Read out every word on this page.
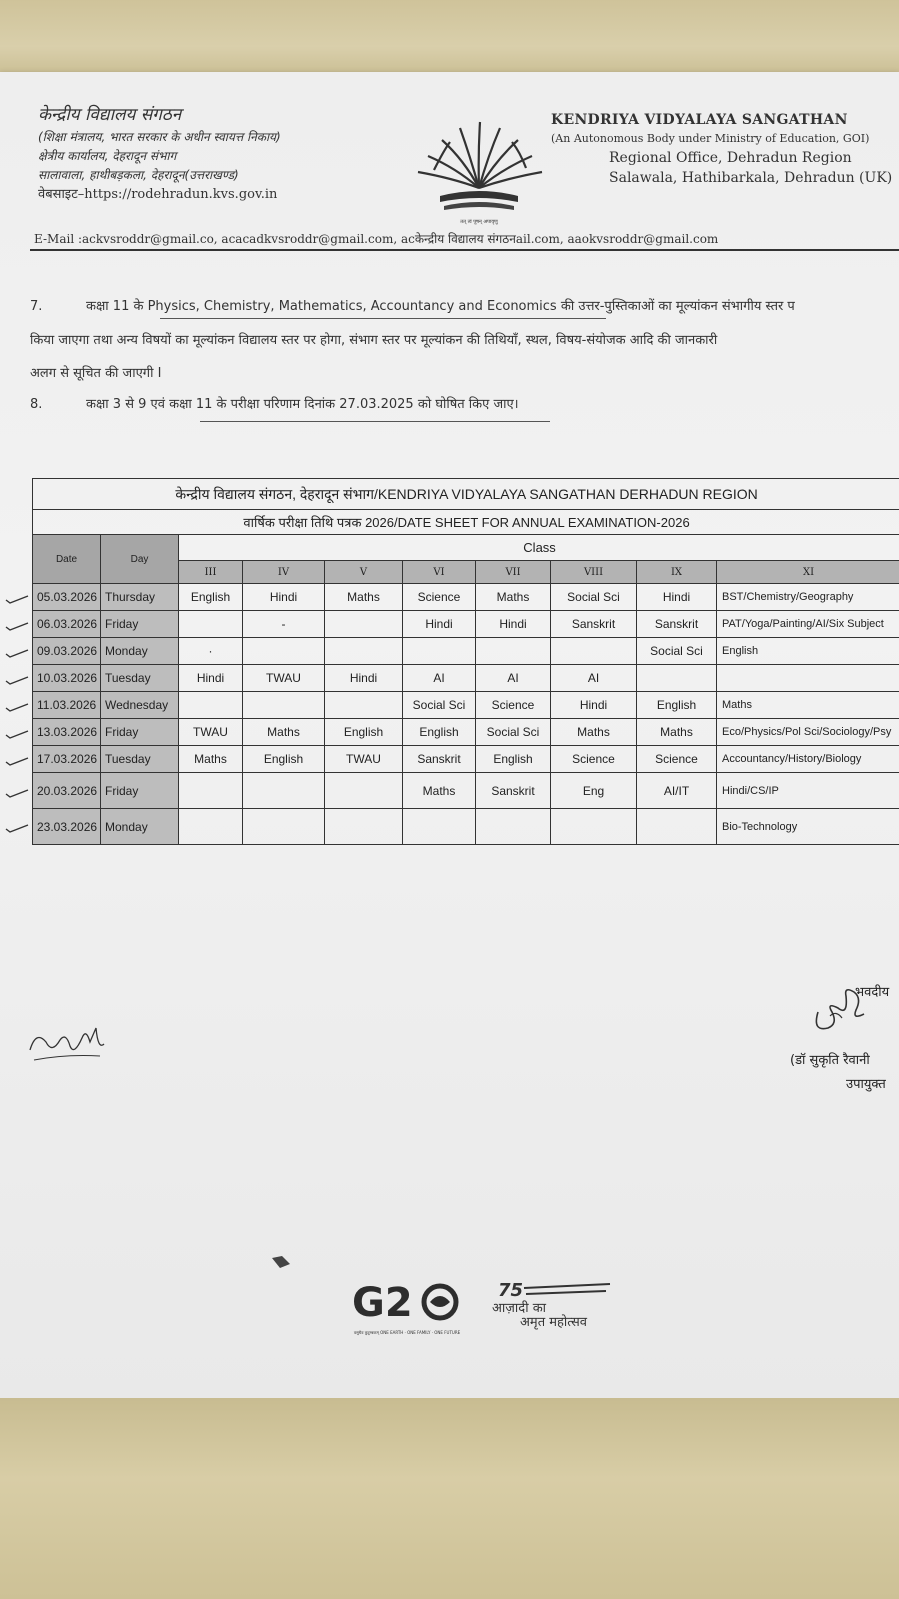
केन्द्रीय विद्यालय संगठन
(शिक्षा मंत्रालय, भारत सरकार के अधीन स्वायत्त निकाय)
क्षेत्रीय कार्यालय, देहरादून संभाग
सालावाला, हाथीबड़कला, देहरादून(उत्तराखण्ड)
वेबसाइट–https://rodehradun.kvs.gov.in
तत् त्वं पूषन् अपावृणु
KENDRIYA VIDYALAYA SANGATHAN
(An Autonomous Body under Ministry of Education, GOI)
Regional Office, Dehradun Region
Salawala, Hathibarkala, Dehradun (UK)
E-Mail :ackvsroddr@gmail.co, acacadkvsroddr@gmail.com, acकेन्द्रीय विद्यालय संगठनail.com, aaokvsroddr@gmail.com
7.	कक्षा 11 के Physics, Chemistry, Mathematics, Accountancy and Economics की उत्तर-पुस्तिकाओं का मूल्यांकन संभागीय स्तर प
किया जाएगा तथा अन्य विषयों का मूल्यांकन विद्यालय स्तर पर होगा, संभाग स्तर पर मूल्यांकन की तिथियाँ, स्थल, विषय-संयोजक आदि की जानकारी
अलग से सूचित की जाएगी I
8.	कक्षा 3 से 9 एवं कक्षा 11 के परीक्षा परिणाम दिनांक 27.03.2025 को घोषित किए जाए।
केन्द्रीय विद्यालय संगठन, देहरादून संभाग/KENDRIYA VIDYALAYA SANGATHAN DERHADUN REGION									
वार्षिक परीक्षा तिथि पत्रक 2026/DATE SHEET FOR ANNUAL EXAMINATION-2026									
Date	Day	Class							
		III	IV	V	VI	VII	VIII	IX	XI
05.03.2026	Thursday	English	Hindi	Maths	Science	Maths	Social Sci	Hindi	BST/Chemistry/Geography
06.03.2026	Friday		-		Hindi	Hindi	Sanskrit	Sanskrit	PAT/Yoga/Painting/AI/Six Subject
09.03.2026	Monday	·						Social Sci	English
10.03.2026	Tuesday	Hindi	TWAU	Hindi	AI	AI	AI		
11.03.2026	Wednesday				Social Sci	Science	Hindi	English	Maths
13.03.2026	Friday	TWAU	Maths	English	English	Social Sci	Maths	Maths	Eco/Physics/Pol Sci/Sociology/Psy
17.03.2026	Tuesday	Maths	English	TWAU	Sanskrit	English	Science	Science	Accountancy/History/Biology
20.03.2026	Friday				Maths	Sanskrit	Eng	AI/IT	Hindi/CS/IP
23.03.2026	Monday								Bio-Technology
भवदीय
(डॉ सुकृति रैवानी
उपायुक्त
G2
वसुधैव कुटुम्बकम् ONE EARTH · ONE FAMILY · ONE FUTURE
75
आज़ादी का
अमृत महोत्सव
